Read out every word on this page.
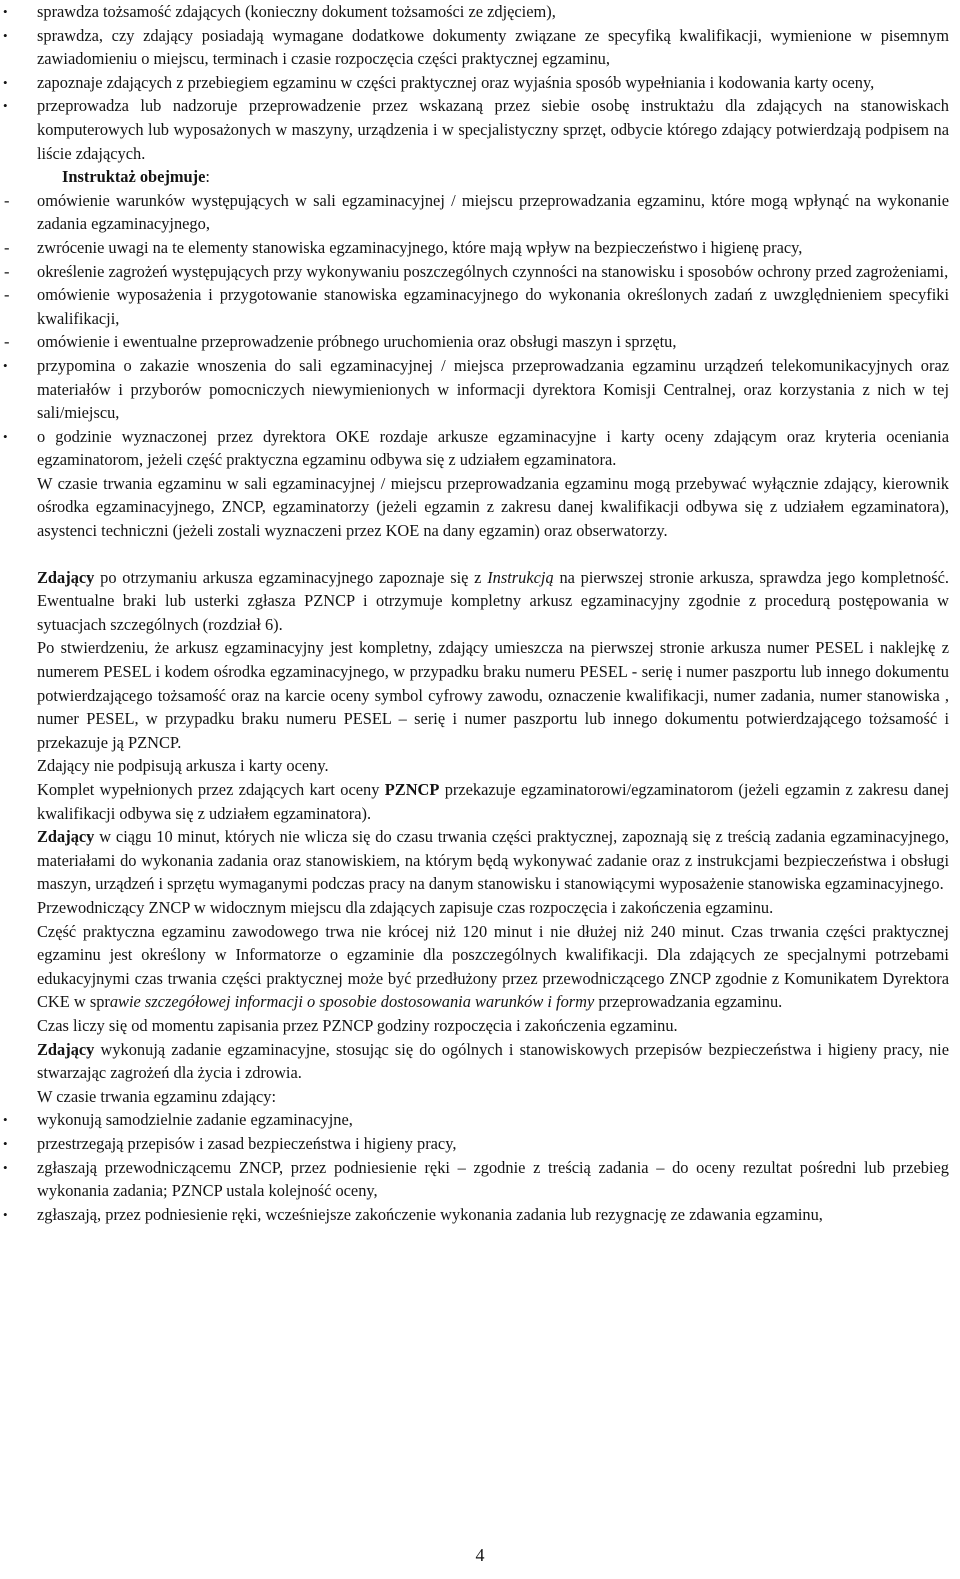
• sprawdza tożsamość zdających (konieczny dokument tożsamości ze zdjęciem),
• sprawdza, czy zdający posiadają wymagane dodatkowe dokumenty związane ze specyfiką kwalifikacji, wymienione w pisemnym zawiadomieniu o miejscu, terminach i czasie rozpoczęcia części praktycznej egzaminu,
• zapoznaje zdających z przebiegiem egzaminu w części praktycznej oraz wyjaśnia sposób wypełniania i kodowania karty oceny,
• przeprowadza lub nadzoruje przeprowadzenie przez wskazaną przez siebie osobę instruktażu dla zdających na stanowiskach komputerowych lub wyposażonych w maszyny, urządzenia i w specjalistyczny sprzęt, odbycie którego zdający potwierdzają podpisem na liście zdających.

Instruktaż obejmuje:

- omówienie warunków występujących w sali egzaminacyjnej / miejscu przeprowadzania egzaminu, które mogą wpłynąć na wykonanie zadania egzaminacyjnego,
- zwrócenie uwagi na te elementy stanowiska egzaminacyjnego, które mają wpływ na bezpieczeństwo i higienę pracy,
- określenie zagrożeń występujących przy wykonywaniu poszczególnych czynności na stanowisku i sposobów ochrony przed zagrożeniami,
- omówienie wyposażenia i przygotowanie stanowiska egzaminacyjnego do wykonania określonych zadań z uwzględnieniem specyfiki kwalifikacji,
- omówienie i ewentualne przeprowadzenie próbnego uruchomienia oraz obsługi maszyn i sprzętu,
• przypomina o zakazie wnoszenia do sali egzaminacyjnej / miejsca przeprowadzania egzaminu urządzeń telekomunikacyjnych oraz materiałów i przyborów pomocniczych niewymienionych w informacji dyrektora Komisji Centralnej, oraz korzystania z nich w tej sali/miejscu,
• o godzinie wyznaczonej przez dyrektora OKE rozdaje arkusze egzaminacyjne i karty oceny zdającym oraz kryteria oceniania egzaminatorom, jeżeli część praktyczna egzaminu odbywa się z udziałem egzaminatora.

W czasie trwania egzaminu w sali egzaminacyjnej / miejscu przeprowadzania egzaminu mogą przebywać wyłącznie zdający, kierownik ośrodka egzaminacyjnego, ZNCP, egzaminatorzy (jeżeli egzamin z zakresu danej kwalifikacji odbywa się z udziałem egzaminatora), asystenci techniczni (jeżeli zostali wyznaczeni przez KOE na dany egzamin) oraz obserwatorzy.

Zdający po otrzymaniu arkusza egzaminacyjnego zapoznaje się z Instrukcją na pierwszej stronie arkusza, sprawdza jego kompletność. Ewentualne braki lub usterki zgłasza PZNCP i otrzymuje kompletny arkusz egzaminacyjny zgodnie z procedurą postępowania w sytuacjach szczególnych (rozdział 6).

Po stwierdzeniu, że arkusz egzaminacyjny jest kompletny, zdający umieszcza na pierwszej stronie arkusza numer PESEL i naklejkę z numerem PESEL i kodem ośrodka egzaminacyjnego, w przypadku braku numeru PESEL - serię i numer paszportu lub innego dokumentu potwierdzającego tożsamość oraz na karcie oceny symbol cyfrowy zawodu, oznaczenie kwalifikacji, numer zadania, numer stanowiska , numer PESEL, w przypadku braku numeru PESEL – serię i numer paszportu lub innego dokumentu potwierdzającego tożsamość i przekazuje ją PZNCP.

Zdający nie podpisują arkusza i karty oceny.

Komplet wypełnionych przez zdających kart oceny PZNCP przekazuje egzaminatorowi/egzaminatorom (jeżeli egzamin z zakresu danej kwalifikacji odbywa się z udziałem egzaminatora).

Zdający w ciągu 10 minut, których nie wlicza się do czasu trwania części praktycznej, zapoznają się z treścią zadania egzaminacyjnego, materiałami do wykonania zadania oraz stanowiskiem, na którym będą wykonywać zadanie oraz z instrukcjami bezpieczeństwa i obsługi maszyn, urządzeń i sprzętu wymaganymi podczas pracy na danym stanowisku i stanowiącymi wyposażenie stanowiska egzaminacyjnego.

Przewodniczący ZNCP w widocznym miejscu dla zdających zapisuje czas rozpoczęcia i zakończenia egzaminu.

Część praktyczna egzaminu zawodowego trwa nie krócej niż 120 minut i nie dłużej niż 240 minut. Czas trwania części praktycznej egzaminu jest określony w Informatorze o egzaminie dla poszczególnych kwalifikacji. Dla zdających ze specjalnymi potrzebami edukacyjnymi czas trwania części praktycznej może być przedłużony przez przewodniczącego ZNCP zgodnie z Komunikatem Dyrektora CKE w sprawie szczegółowej informacji o sposobie dostosowania warunków i formy przeprowadzania egzaminu.

Czas liczy się od momentu zapisania przez PZNCP godziny rozpoczęcia i zakończenia egzaminu.

Zdający wykonują zadanie egzaminacyjne, stosując się do ogólnych i stanowiskowych przepisów bezpieczeństwa i higieny pracy, nie stwarzając zagrożeń dla życia i zdrowia.

W czasie trwania egzaminu zdający:

• wykonują samodzielnie zadanie egzaminacyjne,
• przestrzegają przepisów i zasad bezpieczeństwa i higieny pracy,
• zgłaszają przewodniczącemu ZNCP, przez podniesienie ręki – zgodnie z treścią zadania – do oceny rezultat pośredni lub przebieg wykonania zadania; PZNCP ustala kolejność oceny,
• zgłaszają, przez podniesienie ręki, wcześniejsze zakończenie wykonania zadania lub rezygnację ze zdawania egzaminu,
4
